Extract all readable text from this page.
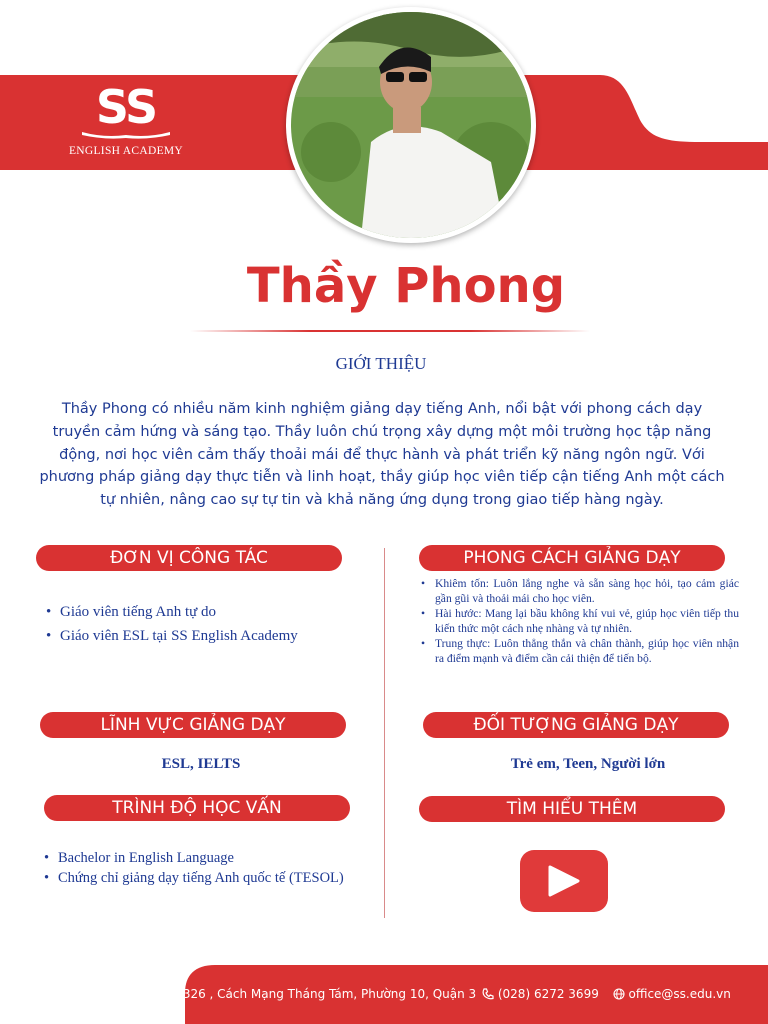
SS
ENGLISH ACADEMY
Thầy Phong
GIỚI THIỆU
Thầy Phong có nhiều năm kinh nghiệm giảng dạy tiếng Anh, nổi bật với phong cách dạy truyền cảm hứng và sáng tạo. Thầy luôn chú trọng xây dựng một môi trường học tập năng động, nơi học viên cảm thấy thoải mái để thực hành và phát triển kỹ năng ngôn ngữ. Với phương pháp giảng dạy thực tiễn và linh hoạt, thầy giúp học viên tiếp cận tiếng Anh một cách tự nhiên, nâng cao sự tự tin và khả năng ứng dụng trong giao tiếp hàng ngày.
ĐƠN VỊ CÔNG TÁC
• Giáo viên tiếng Anh tự do
• Giáo viên ESL tại SS English Academy
LĨNH VỰC GIẢNG DẠY
ESL, IELTS
TRÌNH ĐỘ HỌC VẤN
• Bachelor in English Language
• Chứng chỉ giảng dạy tiếng Anh quốc tế (TESOL)
PHONG CÁCH GIẢNG DẠY
• Khiêm tốn: Luôn lắng nghe và sẵn sàng học hỏi, tạo cảm giác gần gũi và thoải mái cho học viên.
• Hài hước: Mang lại bầu không khí vui vẻ, giúp học viên tiếp thu kiến thức một cách nhẹ nhàng và tự nhiên.
• Trung thực: Luôn thẳng thắn và chân thành, giúp học viên nhận ra điểm mạnh và điểm cần cải thiện để tiến bộ.
ĐỐI TƯỢNG GIẢNG DẠY
Trẻ em, Teen, Người lớn
TÌM HIỂU THÊM
326 , Cách Mạng Tháng Tám, Phường 10, Quận 3 (028) 6272 3699 office@ss.edu.vn
